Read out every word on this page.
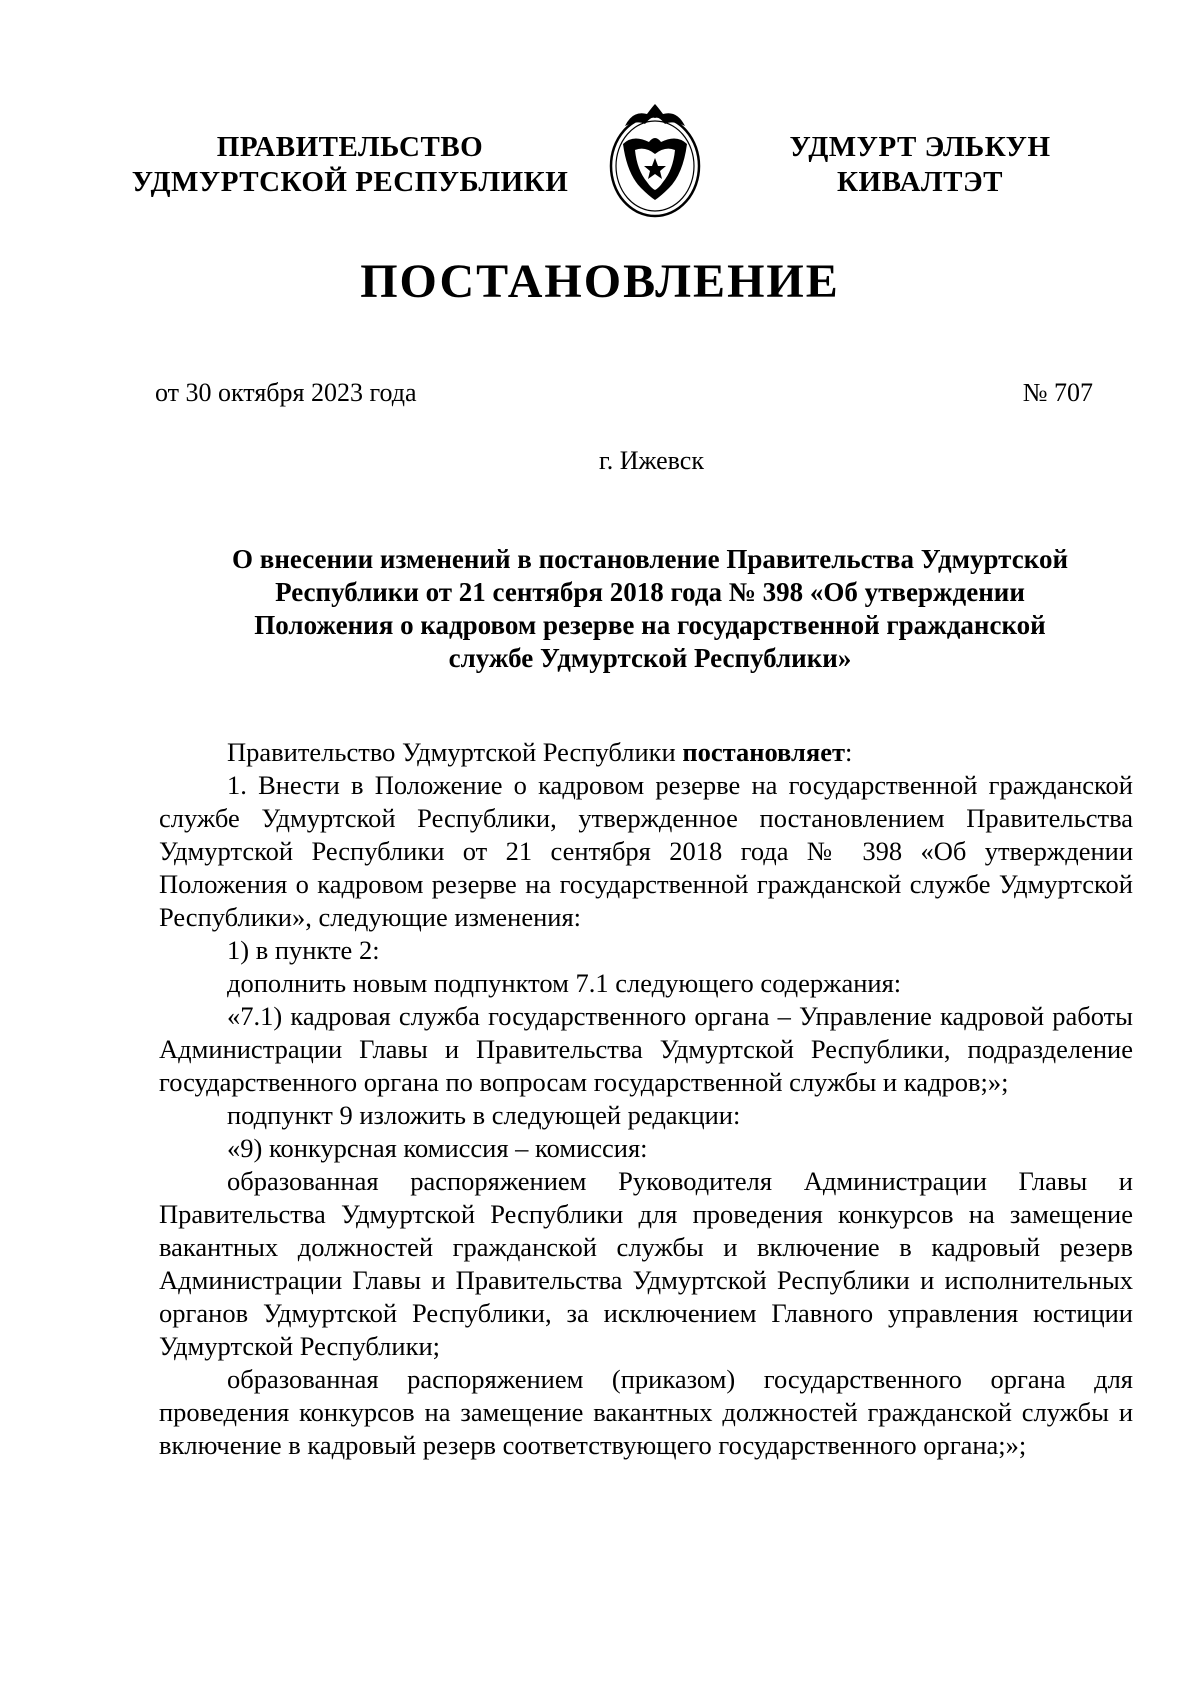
ПРАВИТЕЛЬСТВО
УДМУРТСКОЙ РЕСПУБЛИКИ
УДМУРТ ЭЛЬКУН
КИВАЛТЭТ
ПОСТАНОВЛЕНИЕ
от 30 октября 2023 года	№ 707
г. Ижевск
О внесении изменений в постановление Правительства Удмуртской
Республики от 21 сентября 2018 года № 398 «Об утверждении
Положения о кадровом резерве на государственной гражданской
службе Удмуртской Республики»

Правительство Удмуртской Республики постановляет:

1. Внести в Положение о кадровом резерве на государственной гражданской службе Удмуртской Республики, утвержденное постановлением Правительства Удмуртской Республики от 21 сентября 2018 года № 398 «Об утверждении Положения о кадровом резерве на государственной гражданской службе Удмуртской Республики», следующие изменения:

1) в пункте 2:

дополнить новым подпунктом 7.1 следующего содержания:

«7.1) кадровая служба государственного органа – Управление кадровой работы Администрации Главы и Правительства Удмуртской Республики, подразделение государственного органа по вопросам государственной службы и кадров;»;

подпункт 9 изложить в следующей редакции:

«9) конкурсная комиссия – комиссия:

образованная распоряжением Руководителя Администрации Главы и Правительства Удмуртской Республики для проведения конкурсов на замещение вакантных должностей гражданской службы и включение в кадровый резерв Администрации Главы и Правительства Удмуртской Республики и исполнительных органов Удмуртской Республики, за исключением Главного управления юстиции Удмуртской Республики;

образованная распоряжением (приказом) государственного органа для проведения конкурсов на замещение вакантных должностей гражданской службы и включение в кадровый резерв соответствующего государственного органа;»;
